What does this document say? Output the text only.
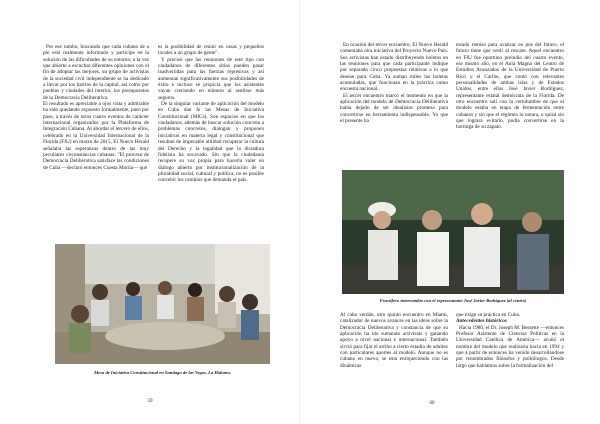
Por ese rumbo, buscando que cada cubano de a pie esté realmente informado y participe en la solución de las dificultades de su entorno, a la vez que abierto a escuchar diferentes opiniones con el fin de adoptar las mejores, un grupo de activistas de la sociedad civil independiente se ha dedicado a llevar por los barrios de la capital, así como por pueblos y ciudades del interior, los presupuestos de la Democracia Deliberativa.

El resultado es apreciable a ojos vista y admirable ha sido quedando expuesto formalmente, paso por paso, a través de otros cuatro eventos de carácter internacional organizados por la Plataforma de Integración Cubana. Al abordar el tercero de ellos, celebrado en la Universidad Internacional de la Florida (FIU) en marzo de 2015, El Nuevo Herald señalaba las esperanzas dentro de las muy peculiares circunstancias cubanas: "El proceso de Democracia Deliberativa satisface las condiciones de Cuba —declaró entonces Cuesta Morúa— que

es la posibilidad de reunir en casas y pequeños locales a un grupo de gente".

Y precisó que las reuniones de este tipo con ciudadanos de diferentes sitios pueden pasar inadvertidas para las fuerzas represivas y así aumentan significativamente sus posibilidades de éxito e incluso se propicia que los asistentes vayan creciendo en número al sentirse más seguros.

De la singular variante de aplicación del modelo en Cuba dan fe las Mesas de Iniciativa Constitucional (MICs). Son espacios en que los ciudadanos, además de buscar solución concreta a problemas concretos, dialogan y proponen iniciativas en materia legal y constitucional que resultan de impecable utilidad recuperar la cultura del Derecho y la legalidad que la dictadura fidelista ha socavado. Sin que la ciudadanía recupere su voz propia para hacerla valer en diálogo abierto por institucionalización de la pluralidad social, cultural y política, no es posible concebir los cambios que demanda el país.

Mesa de Iniciativa Constitucional en Santiago de las Vegas, La Habana.
59

En ocasión del tercer encuentro, El Nuevo Herald comentaba otra iniciativa del Proyecto Nuevo País. Sus activistas han estado distribuyendo boletos en las reuniones para que cada participante indique por separado cinco propuestas relativas a lo que desean para Cuba. Ya suman miles las boletas acumuladas, que funcionan en la práctica como encuesta nacional.

El tercer encuentro marcó el momento en que la aplicación del modelo de Democracia Deliberativa había dejado de ser idealistas promesa para convertirse en herramienta indispensable. Yo que el presente ha

estado remiso para avanzar en pos del futuro, el futuro tiene que venir al rescate. Aquel encuentro en FIU fue oportuno preludio del cuarto evento, ese mismo año, en el Aula Magna del Centro de Estudios Avanzados de la Universidad de Puerto Rico y el Caribe, que contó con relevantes personalidades de ambas islas y de Estados Unidos, entre ellas José Javier Rodríguez, representante estatal demócrata de la Florida. De otro encuentro salí con la certidumbre de que el modelo estaba en etapa de fermentación entre cubanos y sin que el régimen lo notara, o quizá sin que lograra evitarlo, podía convertirse en la hormiga de su zapato.

Fructífero intercambio con el representante José Javier Rodríguez (al centro)

Al cabo verdán, otro quinto encuentro en Miami, catalizador de nuevos avances en las ideas sobre la Democracia Deliberativa y constancia de que su aplicación ha ido sumando activistas y ganando apoyo a nivel nacional e internacional. También sirvió para fijar el arribo a cierto estadio de adultez con particulares aportes al modelo. Aunque no es cubano en nuevo, se está enriqueciendo con las dinámicas

que exige su práctica en Cuba.

Antecedentes históricos

Hacia 1980, el Dr. Joseph M. Bessette —entonces Profesor Asistente de Ciencias Políticas en la Universidad Católica de América— acuñó el nombre del modelo que realizaría hacia en 1994 y que a partir de entonces ha venido desarrollándose por renombrados filósofos y politólogos. Desde largo que habíamos sobre la formalización del

60
